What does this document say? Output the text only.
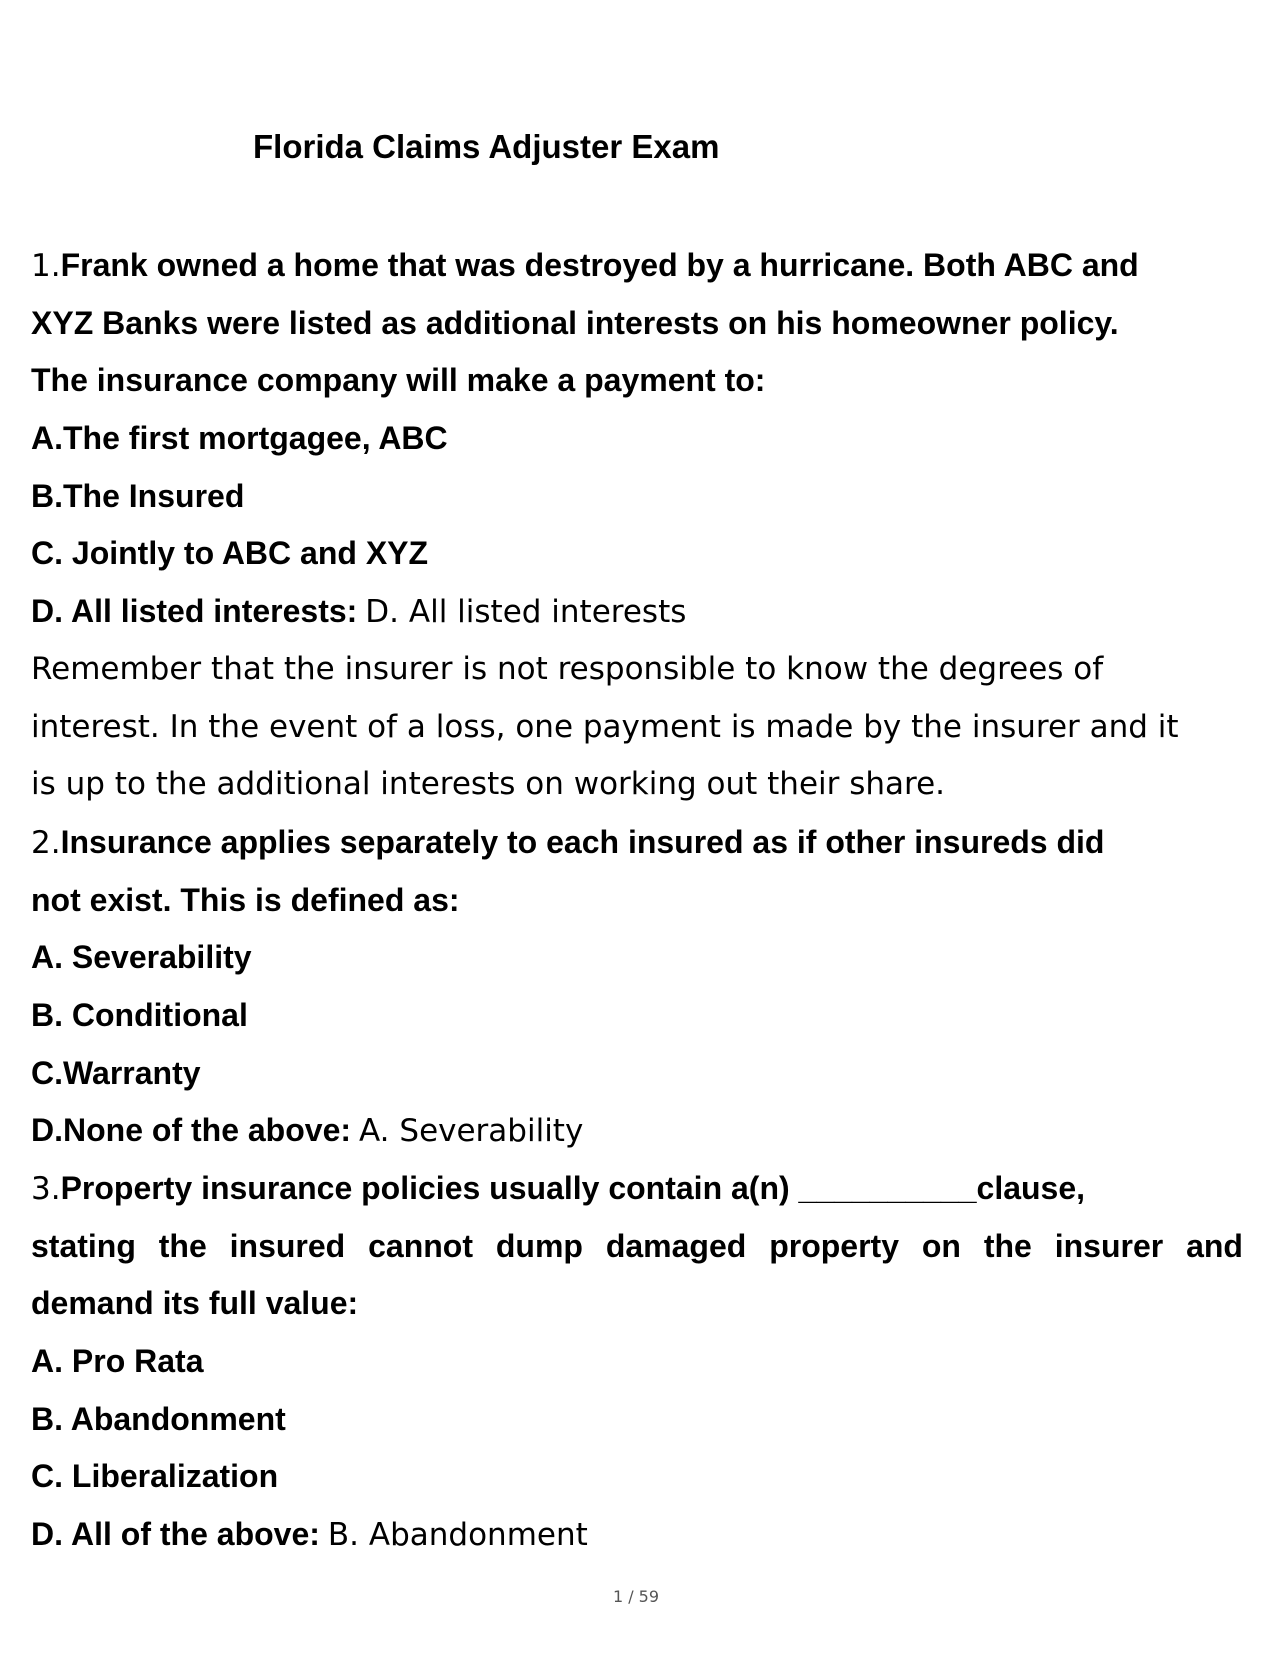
Florida Claims Adjuster Exam
1.Frank owned a home that was destroyed by a hurricane. Both ABC and
XYZ Banks were listed as additional interests on his homeowner policy.
The insurance company will make a payment to:
A.The first mortgagee, ABC
B.The Insured
C. Jointly to ABC and XYZ
D. All listed interests: D. All listed interests
Remember that the insurer is not responsible to know the degrees of
interest. In the event of a loss, one payment is made by the insurer and it
is up to the additional interests on working out their share.
2.Insurance applies separately to each insured as if other insureds did
not exist. This is defined as:
A. Severability
B. Conditional
C.Warranty
D.None of the above: A. Severability
3.Property insurance policies usually contain a(n) __________clause,
stating the insured cannot dump damaged property on the insurer and
demand its full value:
A. Pro Rata
B. Abandonment
C. Liberalization
D. All of the above: B. Abandonment
1 / 59
